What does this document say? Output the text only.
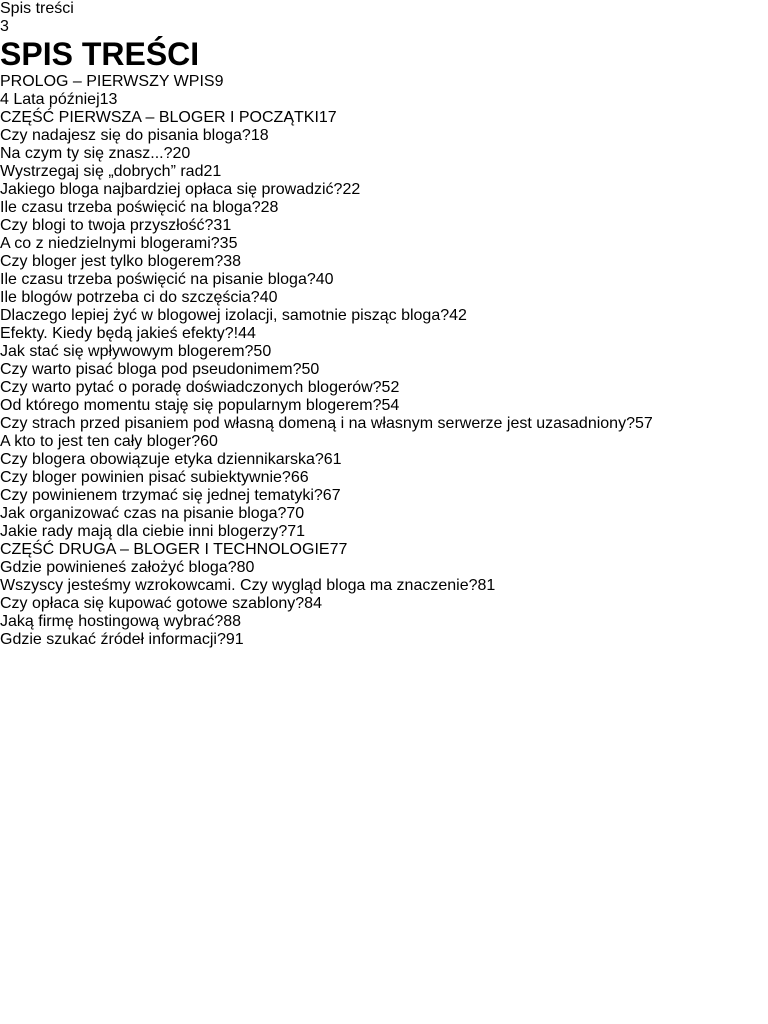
Spis treści
3
SPIS TREŚCI
PROLOG – PIERWSZY WPIS9
4 Lata później13
CZĘŚĆ PIERWSZA – BLOGER I POCZĄTKI17
Czy nadajesz się do pisania bloga?18
Na czym ty się znasz...?20
Wystrzegaj się „dobrych” rad21
Jakiego bloga najbardziej opłaca się prowadzić?22
Ile czasu trzeba poświęcić na bloga?28
Czy blogi to twoja przyszłość?31
A co z niedzielnymi blogerami?35
Czy bloger jest tylko blogerem?38
Ile czasu trzeba poświęcić na pisanie bloga?40
Ile blogów potrzeba ci do szczęścia?40
Dlaczego lepiej żyć w blogowej izolacji, samotnie pisząc bloga?42
Efekty. Kiedy będą jakieś efekty?!44
Jak stać się wpływowym blogerem?50
Czy warto pisać bloga pod pseudonimem?50
Czy warto pytać o poradę doświadczonych blogerów?52
Od którego momentu staję się popularnym blogerem?54
Czy strach przed pisaniem pod własną domeną i na własnym serwerze jest uzasadniony?57
A kto to jest ten cały bloger?60
Czy blogera obowiązuje etyka dziennikarska?61
Czy bloger powinien pisać subiektywnie?66
Czy powinienem trzymać się jednej tematyki?67
Jak organizować czas na pisanie bloga?70
Jakie rady mają dla ciebie inni blogerzy?71
CZĘŚĆ DRUGA – BLOGER I TECHNOLOGIE77
Gdzie powinieneś założyć bloga?80
Wszyscy jesteśmy wzrokowcami. Czy wygląd bloga ma znaczenie?81
Czy opłaca się kupować gotowe szablony?84
Jaką firmę hostingową wybrać?88
Gdzie szukać źródeł informacji?91
